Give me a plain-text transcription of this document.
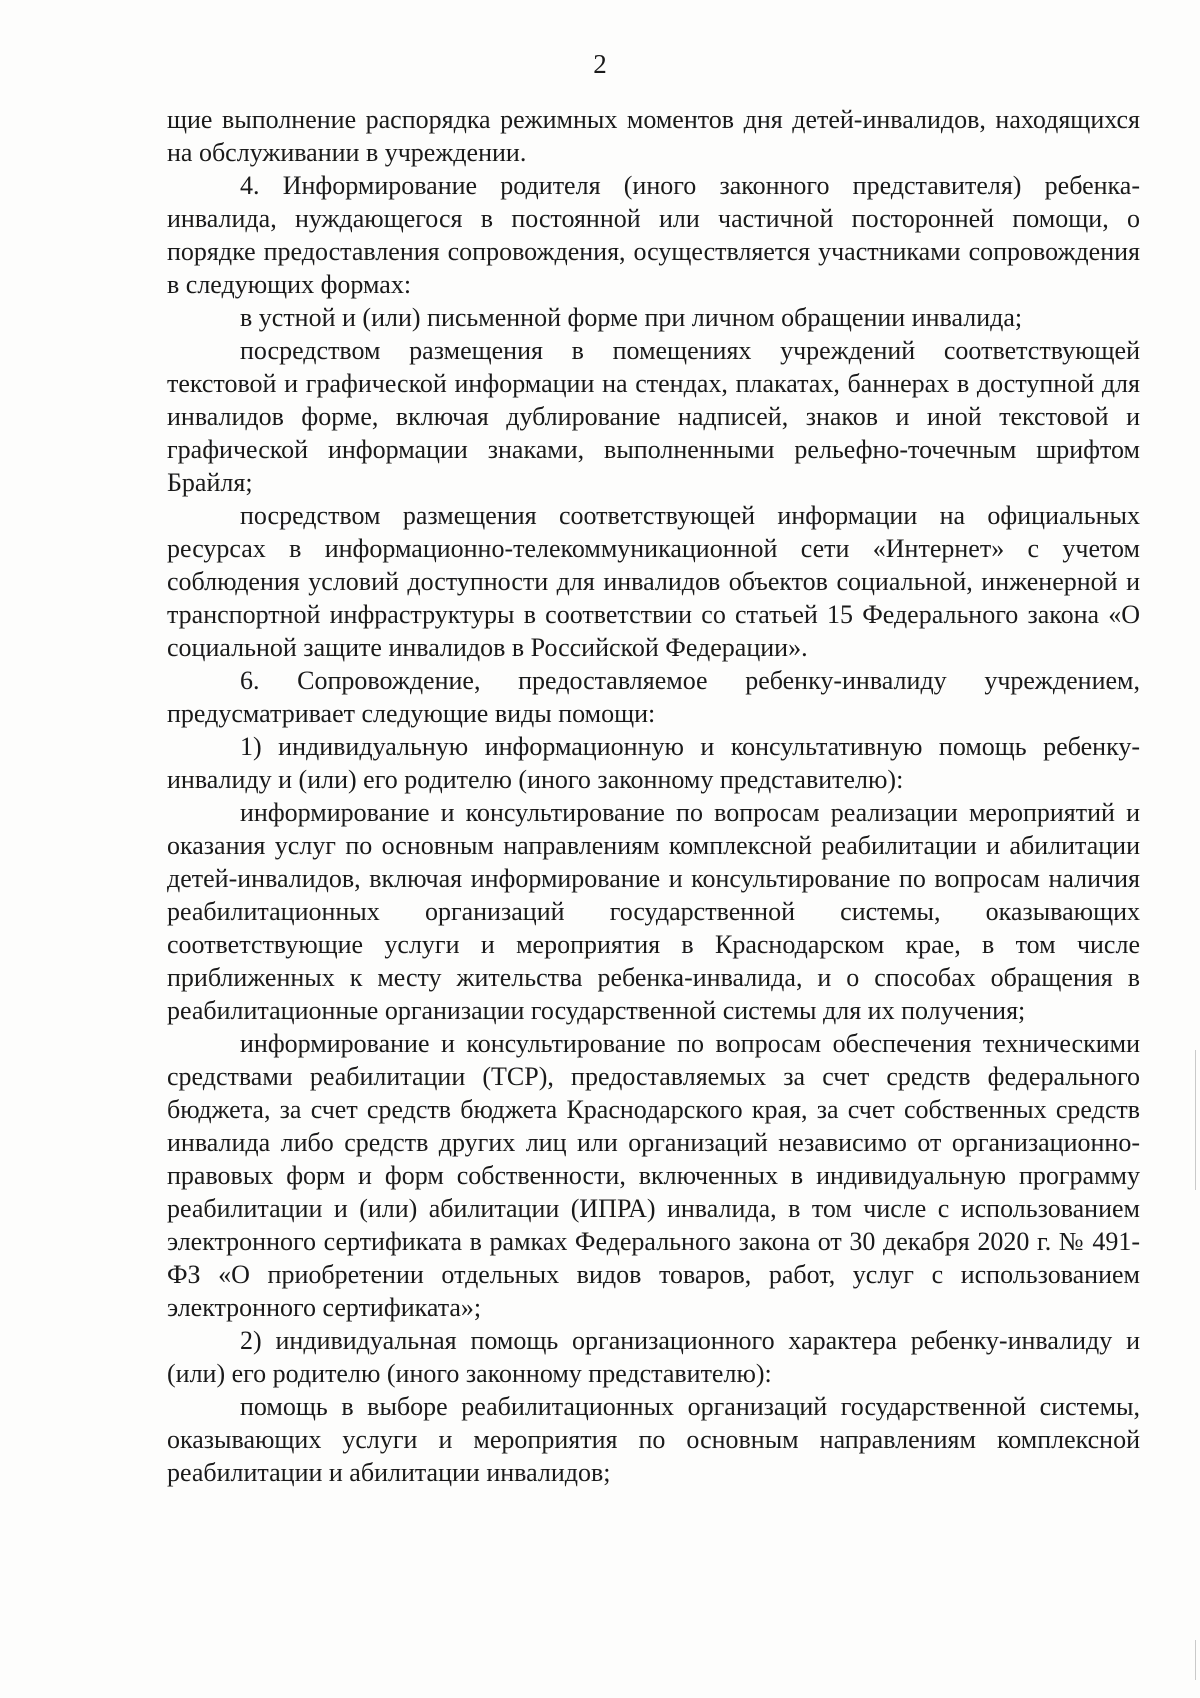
2

щие выполнение распорядка режимных моментов дня детей-инвалидов, находящихся на обслуживании в учреждении.

4. Информирование родителя (иного законного представителя) ребенка-инвалида, нуждающегося в постоянной или частичной посторонней помощи, о порядке предоставления сопровождения, осуществляется участниками сопровождения в следующих формах:

в устной и (или) письменной форме при личном обращении инвалида;

посредством размещения в помещениях учреждений соответствующей текстовой и графической информации на стендах, плакатах, баннерах в доступной для инвалидов форме, включая дублирование надписей, знаков и иной текстовой и графической информации знаками, выполненными рельефно-точечным шрифтом Брайля;

посредством размещения соответствующей информации на официальных ресурсах в информационно-телекоммуникационной сети «Интернет» с учетом соблюдения условий доступности для инвалидов объектов социальной, инженерной и транспортной инфраструктуры в соответствии со статьей 15 Федерального закона «О социальной защите инвалидов в Российской Федерации».

6. Сопровождение, предоставляемое ребенку-инвалиду учреждением, предусматривает следующие виды помощи:

1) индивидуальную информационную и консультативную помощь ребенку-инвалиду и (или) его родителю (иного законному представителю):

информирование и консультирование по вопросам реализации мероприятий и оказания услуг по основным направлениям комплексной реабилитации и абилитации детей-инвалидов, включая информирование и консультирование по вопросам наличия реабилитационных организаций государственной системы, оказывающих соответствующие услуги и мероприятия в Краснодарском крае, в том числе приближенных к месту жительства ребенка-инвалида, и о способах обращения в реабилитационные организации государственной системы для их получения;

информирование и консультирование по вопросам обеспечения техническими средствами реабилитации (ТСР), предоставляемых за счет средств федерального бюджета, за счет средств бюджета Краснодарского края, за счет собственных средств инвалида либо средств других лиц или организаций независимо от организационно-правовых форм и форм собственности, включенных в индивидуальную программу реабилитации и (или) абилитации (ИПРА) инвалида, в том числе с использованием электронного сертификата в рамках Федерального закона от 30 декабря 2020 г. № 491-ФЗ «О приобретении отдельных видов товаров, работ, услуг с использованием электронного сертификата»;

2) индивидуальная помощь организационного характера ребенку-инвалиду и (или) его родителю (иного законному представителю):

помощь в выборе реабилитационных организаций государственной системы, оказывающих услуги и мероприятия по основным направлениям комплексной реабилитации и абилитации инвалидов;
